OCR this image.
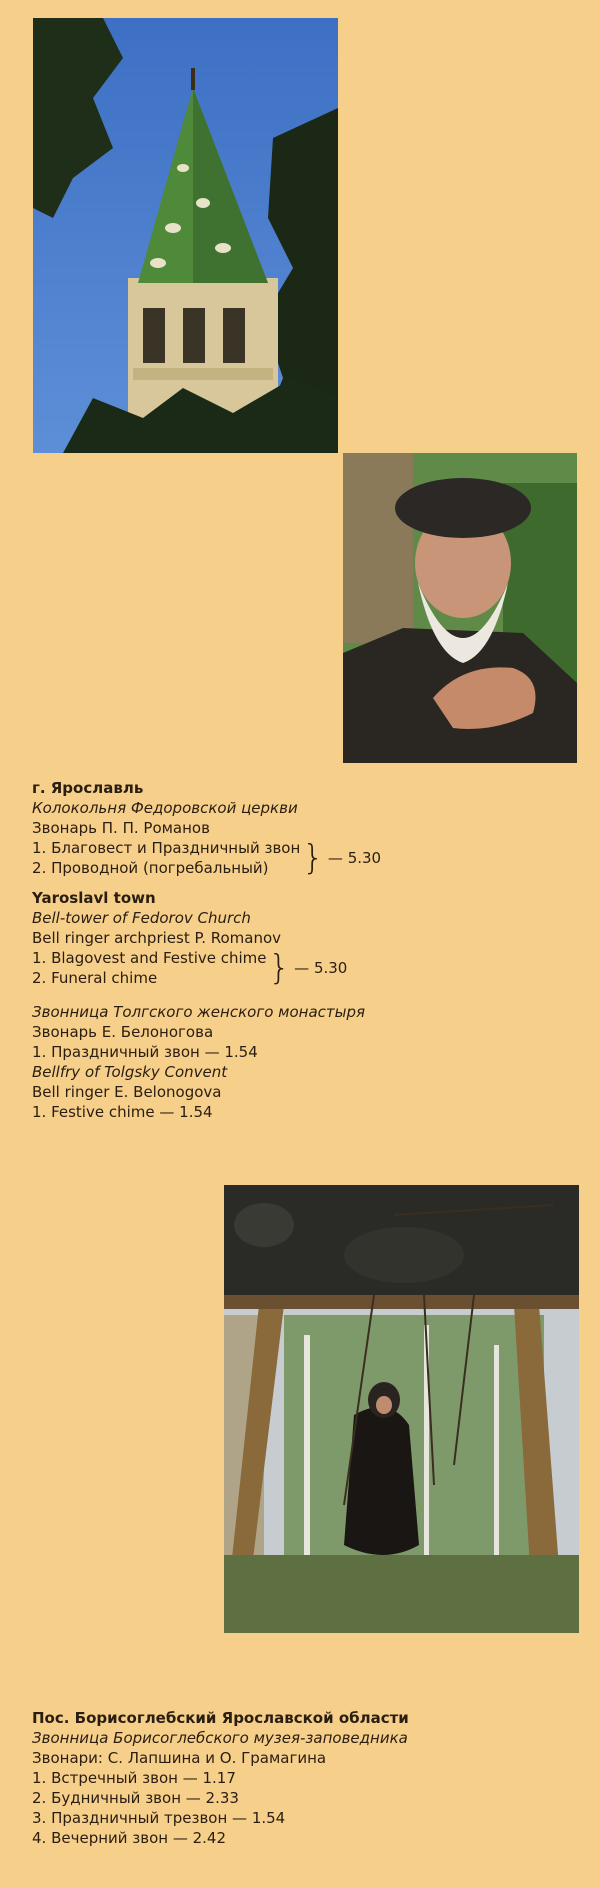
г. Ярославль
Колокольня Федоровской церкви
Звонарь П. П. Романов
1. Благовест и Праздничный звон
2. Проводной (погребальный) } — 5.30
Yaroslavl town
Bell-tower of Fedorov Church
Bell ringer archpriest P. Romanov
1. Blagovest and Festive chime
2. Funeral chime	} — 5.30
Звонница Толгского женского монастыря
Звонарь Е. Белоногова
1. Праздничный звон — 1.54
Bellfry of Tolgsky Convent
Bell ringer E. Belonogova
1. Festive chime — 1.54
Пос. Борисоглебский Ярославской области
Звонница Борисоглебского музея-заповедника
Звонари: С. Лапшина и О. Грамагина
1. Встречный звон — 1.17
2. Будничный звон — 2.33
3. Праздничный трезвон — 1.54
4. Вечерний звон — 2.42
